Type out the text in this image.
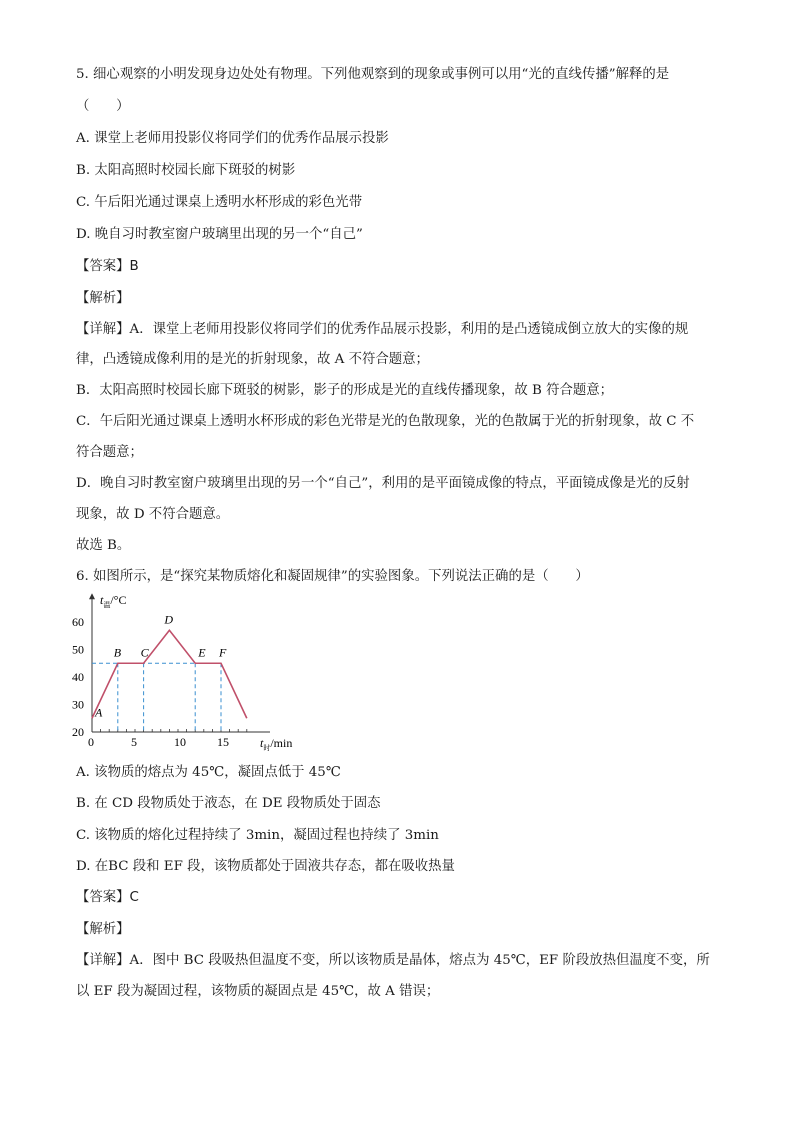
5. 细心观察的小明发现身边处处有物理。下列他观察到的现象或事例可以用“光的直线传播”解释的是
（　　）
A. 课堂上老师用投影仪将同学们的优秀作品展示投影
B. 太阳高照时校园长廊下斑驳的树影
C. 午后阳光通过课桌上透明水杯形成的彩色光带
D. 晚自习时教室窗户玻璃里出现的另一个“自己”
【答案】B
【解析】
【详解】A．课堂上老师用投影仪将同学们的优秀作品展示投影，利用的是凸透镜成倒立放大的实像的规
律，凸透镜成像利用的是光的折射现象，故 A 不符合题意；
B．太阳高照时校园长廊下斑驳的树影，影子的形成是光的直线传播现象，故 B 符合题意；
C．午后阳光通过课桌上透明水杯形成的彩色光带是光的色散现象，光的色散属于光的折射现象，故 C 不
符合题意；
D．晚自习时教室窗户玻璃里出现的另一个“自己”，利用的是平面镜成像的特点，平面镜成像是光的反射
现象，故 D 不符合题意。
故选 B。
6. 如图所示，是“探究某物质熔化和凝固规律”的实验图象。下列说法正确的是（　　）
60
50
40
30
20
0	5	10	15
A
B C
D
E F
$t_温/^\circ C$
$t_时/\min$
A. 该物质的熔点为 45℃，凝固点低于 45℃
B. 在 CD 段物质处于液态，在 DE 段物质处于固态
C. 该物质的熔化过程持续了 3min，凝固过程也持续了 3min
D. 在BC 段和 EF 段，该物质都处于固液共存态，都在吸收热量
【答案】C
【解析】
【详解】A．图中 BC 段吸热但温度不变，所以该物质是晶体，熔点为 45℃，EF 阶段放热但温度不变，所
以 EF 段为凝固过程，该物质的凝固点是 45℃，故 A 错误；
